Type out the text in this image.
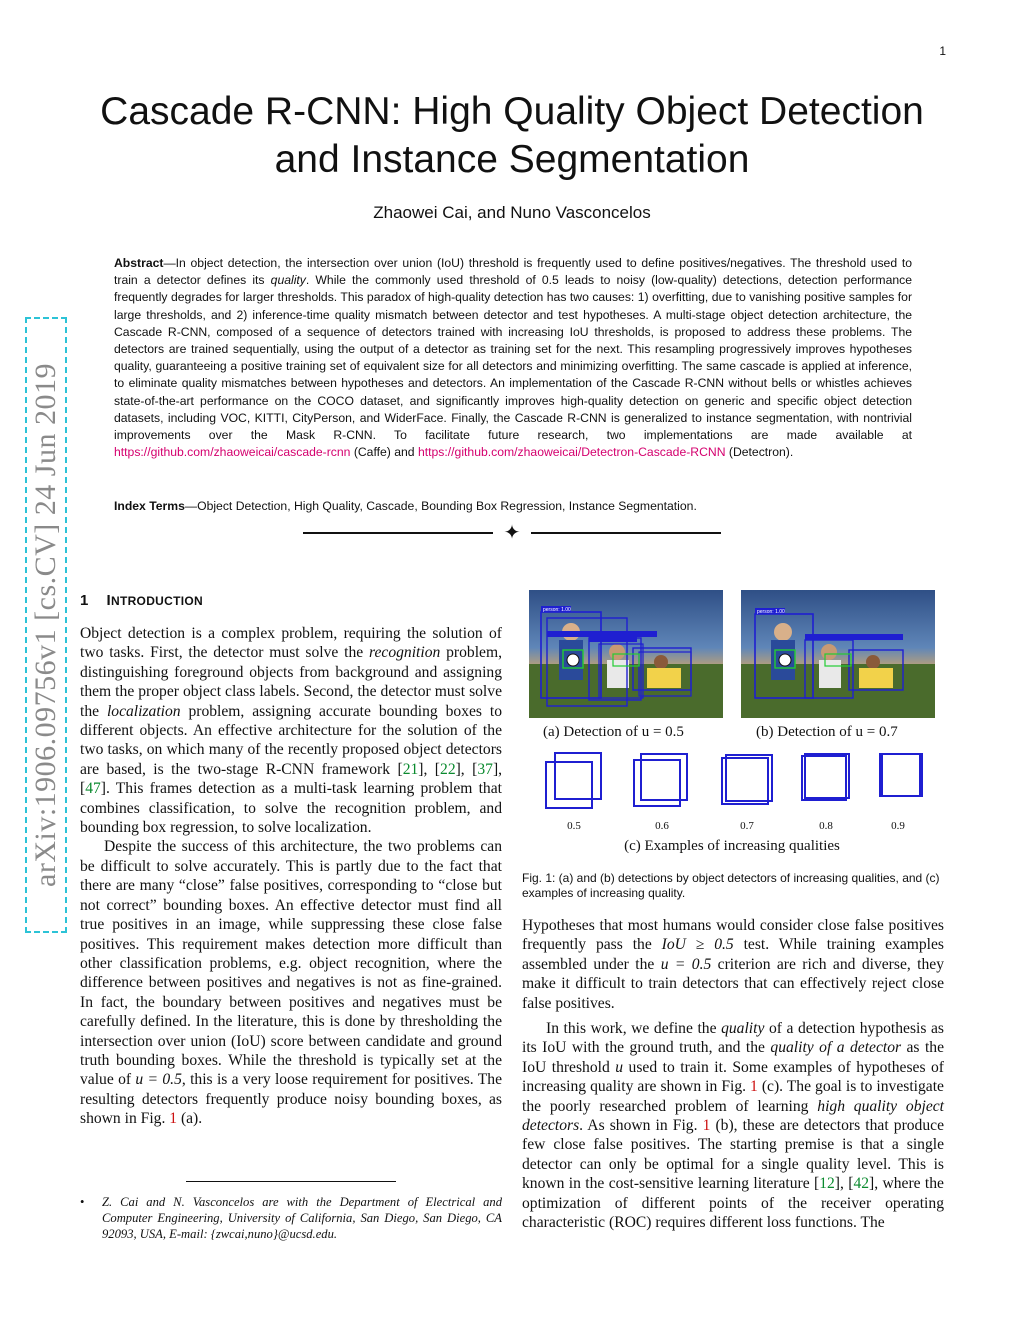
1
Cascade R-CNN: High Quality Object Detection
and Instance Segmentation
Zhaowei Cai, and Nuno Vasconcelos
Abstract—In object detection, the intersection over union (IoU) threshold is frequently used to define positives/negatives. The threshold used to train a detector defines its quality. While the commonly used threshold of 0.5 leads to noisy (low-quality) detections, detection performance frequently degrades for larger thresholds. This paradox of high-quality detection has two causes: 1) overfitting, due to vanishing positive samples for large thresholds, and 2) inference-time quality mismatch between detector and test hypotheses. A multi-stage object detection architecture, the Cascade R-CNN, composed of a sequence of detectors trained with increasing IoU thresholds, is proposed to address these problems. The detectors are trained sequentially, using the output of a detector as training set for the next. This resampling progressively improves hypotheses quality, guaranteeing a positive training set of equivalent size for all detectors and minimizing overfitting. The same cascade is applied at inference, to eliminate quality mismatches between hypotheses and detectors. An implementation of the Cascade R-CNN without bells or whistles achieves state-of-the-art performance on the COCO dataset, and significantly improves high-quality detection on generic and specific object detection datasets, including VOC, KITTI, CityPerson, and WiderFace. Finally, the Cascade R-CNN is generalized to instance segmentation, with nontrivial improvements over the Mask R-CNN. To facilitate future research, two implementations are made available at https://github.com/zhaoweicai/cascade-rcnn (Caffe) and https://github.com/zhaoweicai/Detectron-Cascade-RCNN (Detectron).
Index Terms—Object Detection, High Quality, Cascade, Bounding Box Regression, Instance Segmentation.
✦
arXiv:1906.09756v1 [cs.CV] 24 Jun 2019	1 INTRODUCTION

Object detection is a complex problem, requiring the solution of two tasks. First, the detector must solve the recognition problem, distinguishing foreground objects from background and assigning them the proper object class labels. Second, the detector must solve the localization problem, assigning accurate bounding boxes to different objects. An effective architecture for the solution of the two tasks, on which many of the recently proposed object detectors are based, is the two-stage R-CNN framework [21], [22], [37], [47]. This frames detection as a multi-task learning problem that combines classification, to solve the recognition problem, and bounding box regression, to solve localization.

Despite the success of this architecture, the two problems can be difficult to solve accurately. This is partly due to the fact that there are many “close” false positives, corresponding to “close but not correct” bounding boxes. An effective detector must find all true positives in an image, while suppressing these close false positives. This requirement makes detection more difficult than other classification problems, e.g. object recognition, where the difference between positives and negatives is not as fine-grained. In fact, the boundary between positives and negatives must be carefully defined. In the literature, this is done by thresholding the intersection over union (IoU) score between candidate and ground truth bounding boxes. While the threshold is typically set at the value of u = 0.5, this is a very loose requirement for positives. The resulting detectors frequently produce noisy bounding boxes, as shown in Fig. 1 (a).

• Z. Cai and N. Vasconcelos are with the Department of Electrical and Computer Engineering, University of California, San Diego, San Diego, CA 92093, USA, E-mail: {zwcai,nuno}@ucsd.edu.
person: 1.00	person: 1.00
(a) Detection of u = 0.5	(b) Detection of u = 0.7
0.5	0.6	0.7	0.8	0.9
(c) Examples of increasing qualities
Fig. 1: (a) and (b) detections by object detectors of increasing qualities, and (c) examples of increasing quality.

Hypotheses that most humans would consider close false positives frequently pass the IoU ≥ 0.5 test. While training examples assembled under the u = 0.5 criterion are rich and diverse, they make it difficult to train detectors that can effectively reject close false positives.

In this work, we define the quality of a detection hypothesis as its IoU with the ground truth, and the quality of a detector as the IoU threshold u used to train it. Some examples of hypotheses of increasing quality are shown in Fig. 1 (c). The goal is to investigate the poorly researched problem of learning high quality object detectors. As shown in Fig. 1 (b), these are detectors that produce few close false positives. The starting premise is that a single detector can only be optimal for a single quality level. This is known in the cost-sensitive learning literature [12], [42], where the optimization of different points of the receiver operating characteristic (ROC) requires different loss functions. The
